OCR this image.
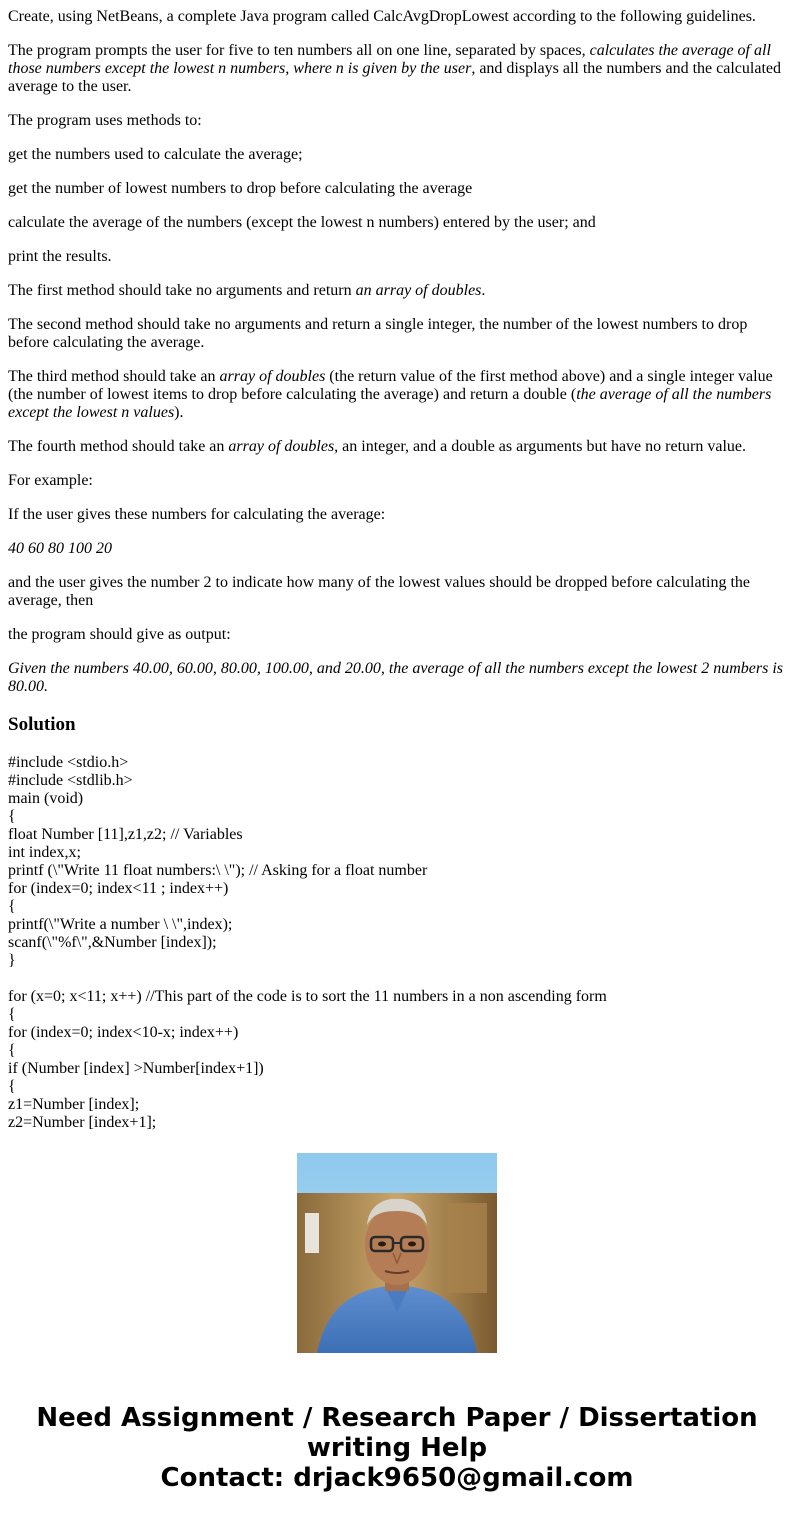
Create, using NetBeans, a complete Java program called CalcAvgDropLowest according to the following guidelines.

The program prompts the user for five to ten numbers all on one line, separated by spaces, calculates the average of all those numbers except the lowest n numbers, where n is given by the user, and displays all the numbers and the calculated average to the user.

The program uses methods to:

get the numbers used to calculate the average;

get the number of lowest numbers to drop before calculating the average

calculate the average of the numbers (except the lowest n numbers) entered by the user; and

print the results.

The first method should take no arguments and return an array of doubles.

The second method should take no arguments and return a single integer, the number of the lowest numbers to drop before calculating the average.

The third method should take an array of doubles (the return value of the first method above) and a single integer value (the number of lowest items to drop before calculating the average) and return a double (the average of all the numbers except the lowest n values).

The fourth method should take an array of doubles, an integer, and a double as arguments but have no return value.

For example:

If the user gives these numbers for calculating the average:

40 60 80 100 20

and the user gives the number 2 to indicate how many of the lowest values should be dropped before calculating the average, then

the program should give as output:

Given the numbers 40.00, 60.00, 80.00, 100.00, and 20.00, the average of all the numbers except the lowest 2 numbers is 80.00.

Solution
#include <stdio.h>
#include <stdlib.h>
main (void)
{
float Number [11],z1,z2; // Variables
int index,x;
printf (\"Write 11 float numbers:\ \"); // Asking for a float number
for (index=0; index<11 ; index++)
{
printf(\"Write a number \ \",index);
scanf(\"%f\",&Number [index]);
}
for (x=0; x<11; x++) //This part of the code is to sort the 11 numbers in a non ascending form
{
for (index=0; index<10-x; index++)
{
if (Number [index] >Number[index+1])
{
z1=Number [index];
z2=Number [index+1];
Need Assignment / Research Paper / Dissertation
writing Help
Contact: drjack9650@gmail.com
